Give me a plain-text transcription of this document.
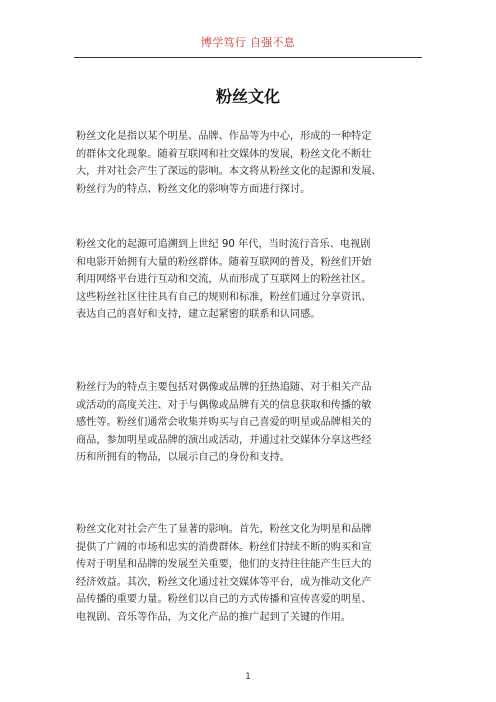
博学笃行 自强不息
粉丝文化
粉丝文化是指以某个明星、品牌、作品等为中心，形成的一种特定
的群体文化现象。随着互联网和社交媒体的发展，粉丝文化不断壮
大，并对社会产生了深远的影响。本文将从粉丝文化的起源和发展、
粉丝行为的特点、粉丝文化的影响等方面进行探讨。
粉丝文化的起源可追溯到上世纪 90 年代，当时流行音乐、电视剧
和电影开始拥有大量的粉丝群体。随着互联网的普及，粉丝们开始
利用网络平台进行互动和交流，从而形成了互联网上的粉丝社区。
这些粉丝社区往往具有自己的规则和标准，粉丝们通过分享资讯、
表达自己的喜好和支持，建立起紧密的联系和认同感。
粉丝行为的特点主要包括对偶像或品牌的狂热追随、对于相关产品
或活动的高度关注、对于与偶像或品牌有关的信息获取和传播的敏
感性等。粉丝们通常会收集并购买与自己喜爱的明星或品牌相关的
商品，参加明星或品牌的演出或活动，并通过社交媒体分享这些经
历和所拥有的物品，以展示自己的身份和支持。
粉丝文化对社会产生了显著的影响。首先，粉丝文化为明星和品牌
提供了广阔的市场和忠实的消费群体。粉丝们持续不断的购买和宣
传对于明星和品牌的发展至关重要，他们的支持往往能产生巨大的
经济效益。其次，粉丝文化通过社交媒体等平台，成为推动文化产
品传播的重要力量。粉丝们以自己的方式传播和宣传喜爱的明星、
电视剧、音乐等作品，为文化产品的推广起到了关键的作用。
1
